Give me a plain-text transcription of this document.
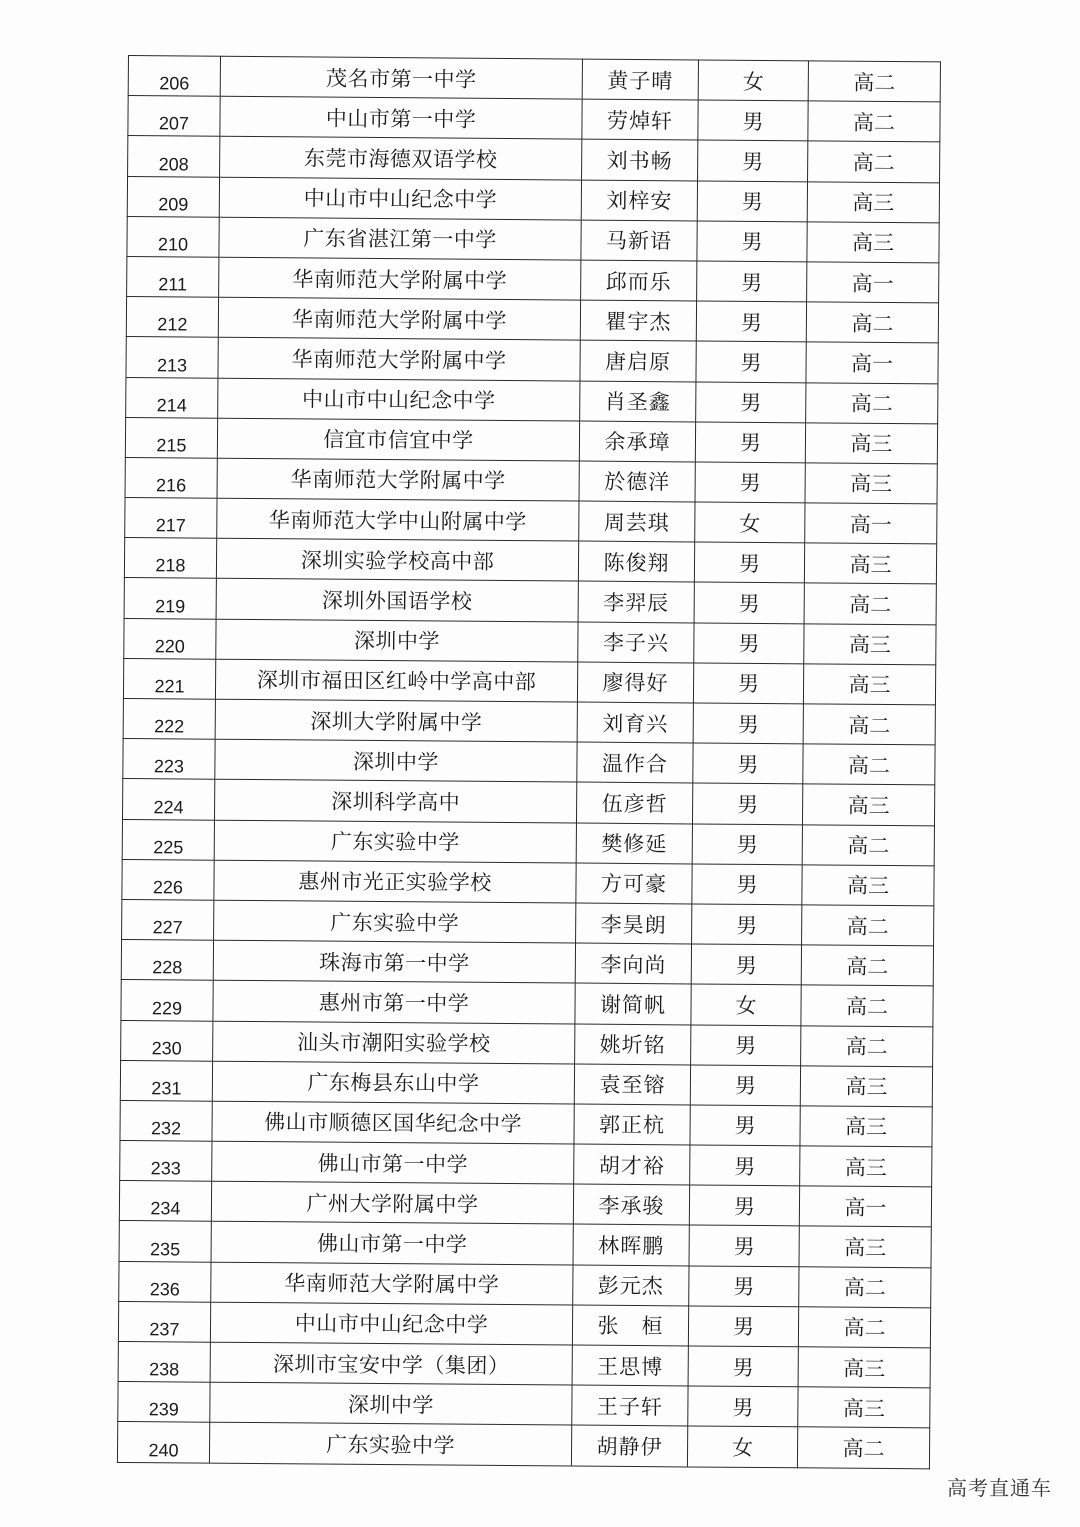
206	茂名市第一中学	黄子晴	女	高二
207	中山市第一中学	劳焯轩	男	高二
208	东莞市海德双语学校	刘书畅	男	高二
209	中山市中山纪念中学	刘梓安	男	高三
210	广东省湛江第一中学	马新语	男	高三
211	华南师范大学附属中学	邱而乐	男	高一
212	华南师范大学附属中学	瞿宇杰	男	高二
213	华南师范大学附属中学	唐启原	男	高一
214	中山市中山纪念中学	肖圣鑫	男	高二
215	信宜市信宜中学	余承璋	男	高三
216	华南师范大学附属中学	於德洋	男	高三
217	华南师范大学中山附属中学	周芸琪	女	高一
218	深圳实验学校高中部	陈俊翔	男	高三
219	深圳外国语学校	李羿辰	男	高二
220	深圳中学	李子兴	男	高三
221	深圳市福田区红岭中学高中部	廖得好	男	高三
222	深圳大学附属中学	刘育兴	男	高二
223	深圳中学	温作合	男	高二
224	深圳科学高中	伍彦哲	男	高三
225	广东实验中学	樊修延	男	高二
226	惠州市光正实验学校	方可豪	男	高三
227	广东实验中学	李昊朗	男	高二
228	珠海市第一中学	李向尚	男	高二
229	惠州市第一中学	谢简帆	女	高二
230	汕头市潮阳实验学校	姚圻铭	男	高二
231	广东梅县东山中学	袁至镕	男	高三
232	佛山市顺德区国华纪念中学	郭正杭	男	高三
233	佛山市第一中学	胡才裕	男	高三
234	广州大学附属中学	李承骏	男	高一
235	佛山市第一中学	林晖鹏	男	高三
236	华南师范大学附属中学	彭元杰	男	高二
237	中山市中山纪念中学	张　桓	男	高二
238	深圳市宝安中学（集团）	王思博	男	高三
239	深圳中学	王子轩	男	高三
240	广东实验中学	胡静伊	女	高二
高考直通车
